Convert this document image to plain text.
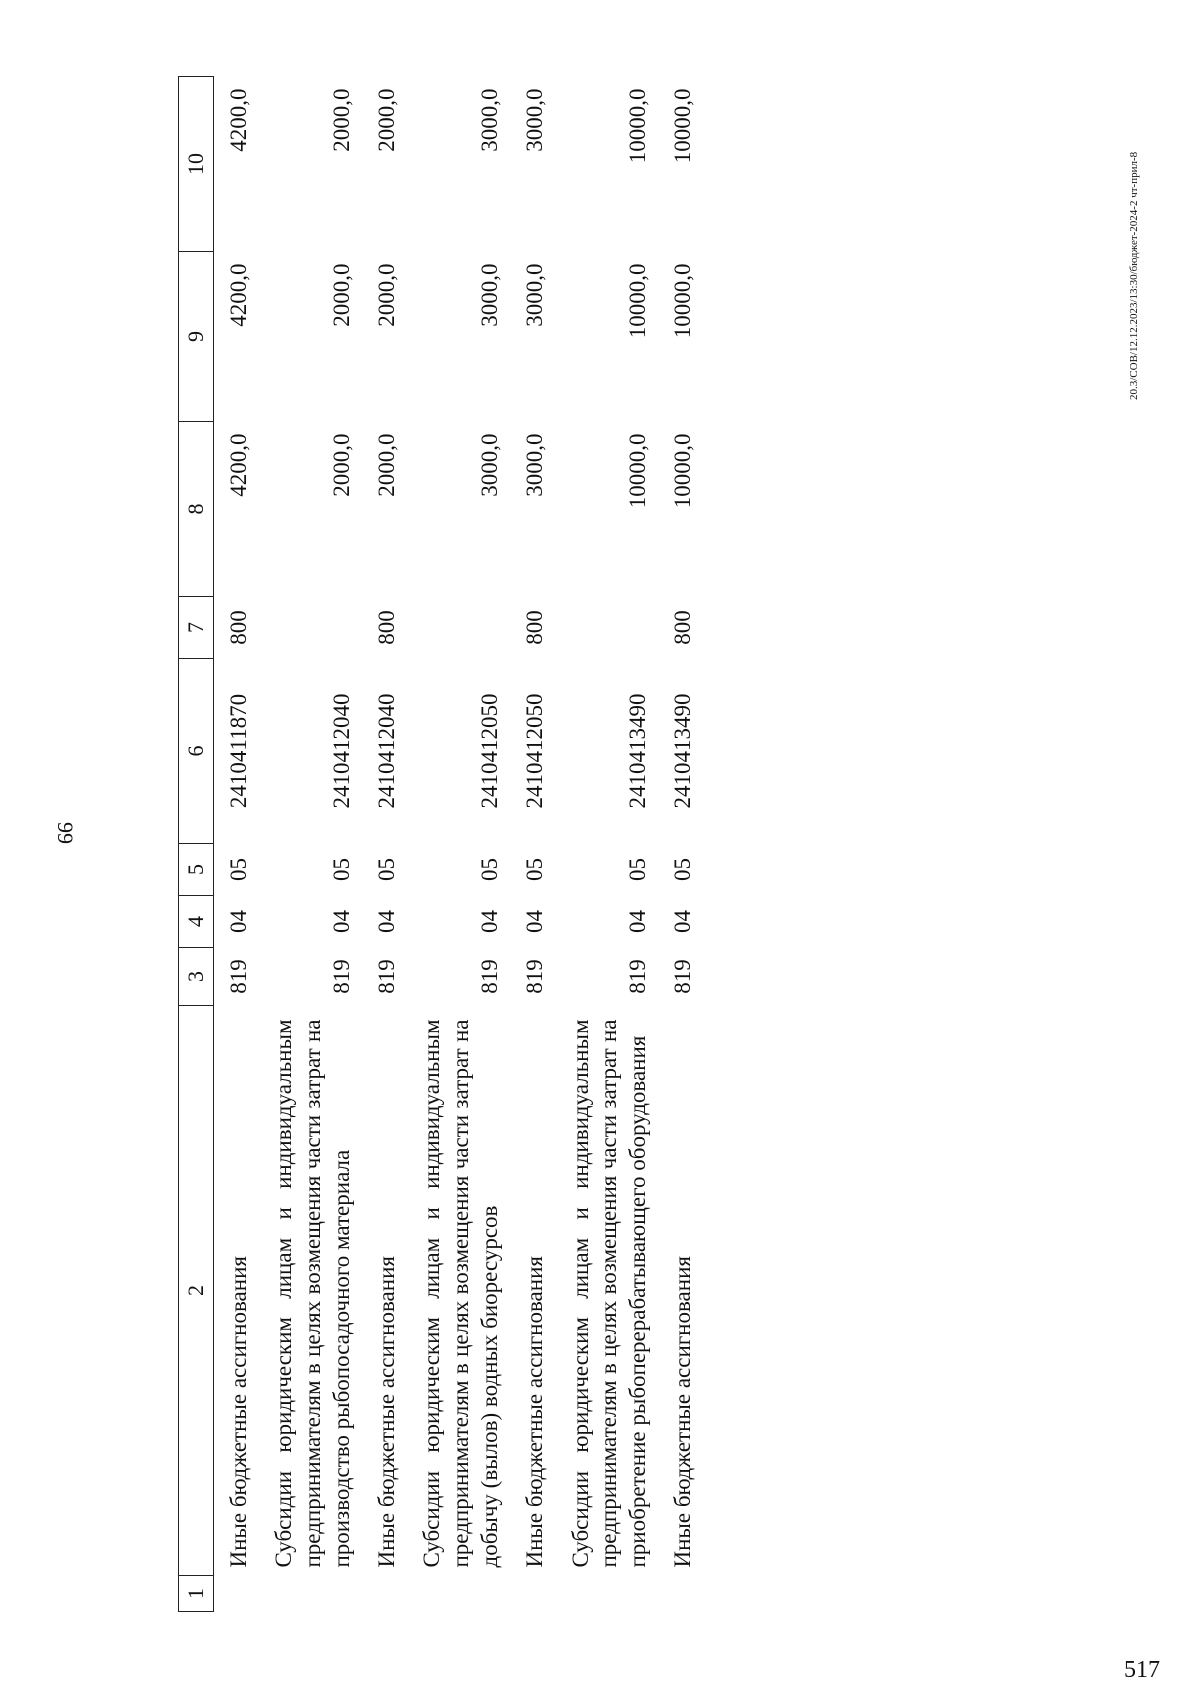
99
20.3/СОВ/12.12.2023/13:30/бюджет-2024-2 чт-прил-8
517
1	2	3	4	5	6	7	8	9	10
	Иные бюджетные ассигнования	819	04	05	2410411870	800	4200,0	4200,0	4200,0
	Субсидии юридическим лицам и индивидуальным предпринимателям в целях возмещения части затрат на производство рыбопосадочного материала	819	04	05	2410412040		2000,0	2000,0	2000,0
	Иные бюджетные ассигнования	819	04	05	2410412040	800	2000,0	2000,0	2000,0
	Субсидии юридическим лицам и индивидуальным предпринимателям в целях возмещения части затрат на добычу (вылов) водных биоресурсов	819	04	05	2410412050		3000,0	3000,0	3000,0
	Иные бюджетные ассигнования	819	04	05	2410412050	800	3000,0	3000,0	3000,0
	Субсидии юридическим лицам и индивидуальным предпринимателям в целях возмещения части затрат на приобретение рыбоперерабатывающего оборудования	819	04	05	2410413490		10000,0	10000,0	10000,0
	Иные бюджетные ассигнования	819	04	05	2410413490	800	10000,0	10000,0	10000,0
